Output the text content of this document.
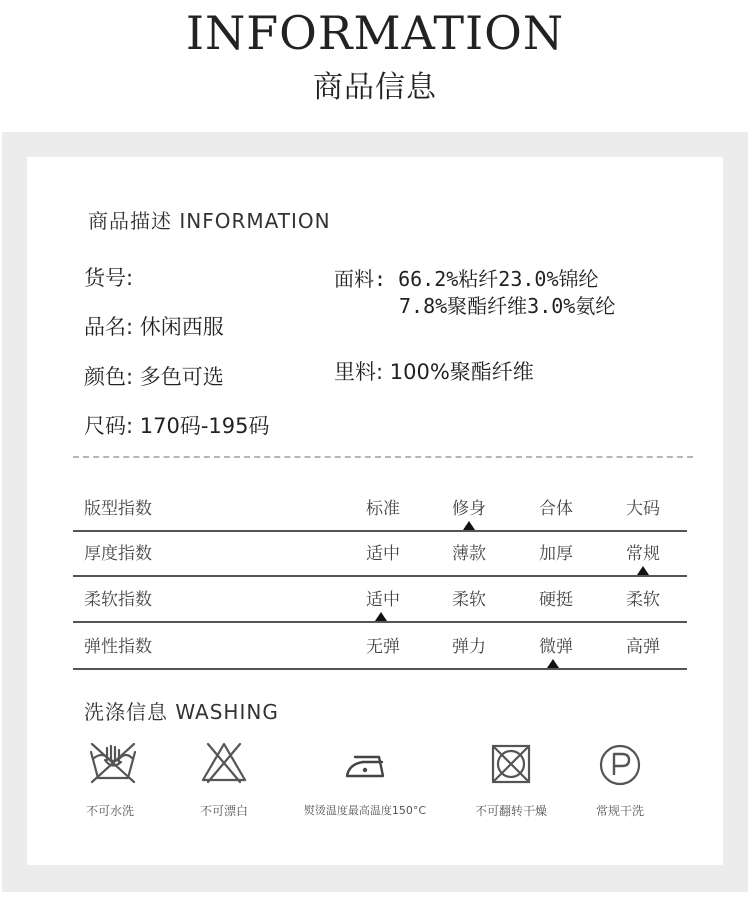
INFORMATION
商品信息
商品描述 INFORMATION
货号:
品名: 休闲西服
颜色: 多色可选
尺码: 170码-195码
面料: 66.2%粘纤23.0%锦纶
7.8%聚酯纤维3.0%氨纶
里料: 100%聚酯纤维
版型指数	标准	修身	合体	大码
厚度指数	适中	薄款	加厚	常规
柔软指数	适中	柔软	硬挺	柔软
弹性指数	无弹	弹力	微弹	高弹
洗涤信息 WASHING
不可水洗	不可漂白	熨烫温度最高温度150°C	不可翻转干燥	常规干洗
